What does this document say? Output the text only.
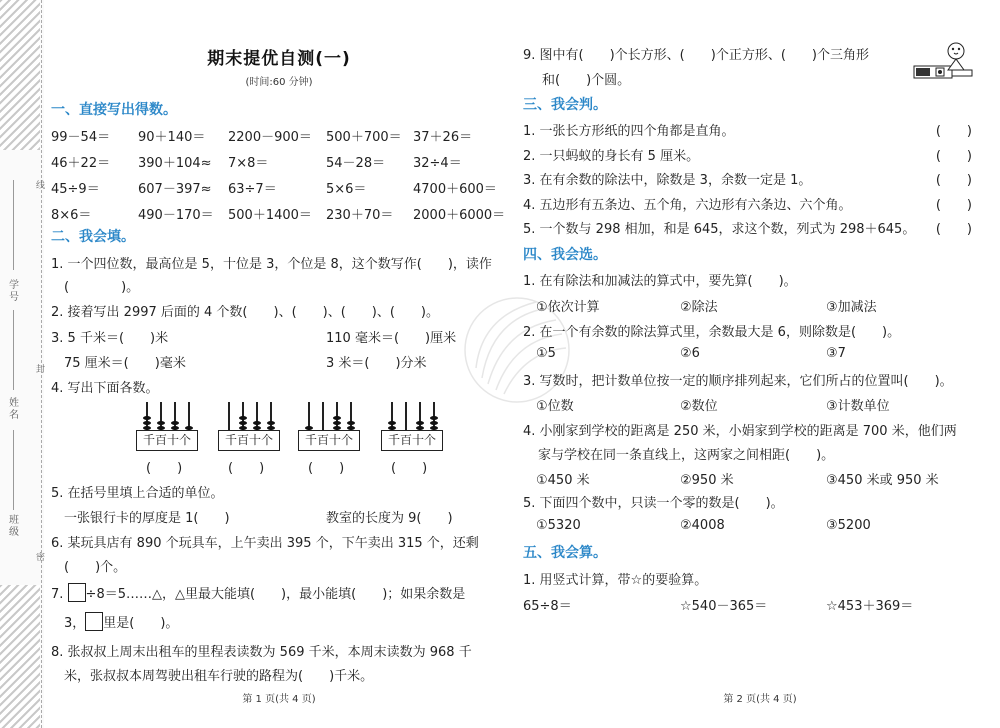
学号
姓名
班级
线
封
密
期末提优自测(一)
(时间:60 分钟)
一、直接写出得数。
99－54＝ 90＋140＝ 2200－900＝ 500＋700＝ 37＋26＝
46＋22＝ 390＋104≈ 7×8＝	54－28＝ 32÷4＝
45÷9＝	607－397≈ 63÷7＝	5×6＝	4700＋600＝
8×6＝	490－170＝ 500＋1400＝ 230＋70＝ 2000＋6000＝
二、我会填。
1. 一个四位数，最高位是 5，十位是 3，个位是 8，这个数写作(　　)，读作
(　　　　)。
2. 接着写出 2997 后面的 4 个数(　　)、(　　)、(　　)、(　　)。
3. 5 千米＝(　　)米	110 毫米＝(　　)厘米
75 厘米＝(　　)毫米	3 米＝(　　)分米
4. 写出下面各数。
千百十个
(　　)
千百十个
(　　)
千百十个
(　　)
千百十个
(　　)
5. 在括号里填上合适的单位。
一张银行卡的厚度是 1(　　)	教室的长度为 9(　　)
6. 某玩具店有 890 个玩具车，上午卖出 395 个，下午卖出 315 个，还剩
(　　)个。
7. ÷8＝5……△，△里最大能填(　　)，最小能填(　　)；如果余数是
3， 里是(　　)。
8. 张叔叔上周末出租车的里程表读数为 569 千米，本周末读数为 968 千
米，张叔叔本周驾驶出租车行驶的路程为(　　)千米。
第 1 页(共 4 页)
9. 图中有(　　)个长方形、(　　)个正方形、(　　)个三角形
和(　　)个圆。
三、我会判。
1. 一张长方形纸的四个角都是直角。	(　　)
2. 一只蚂蚁的身长有 5 厘米。	(　　)
3. 在有余数的除法中，除数是 3，余数一定是 1。	(　　)
4. 五边形有五条边、五个角，六边形有六条边、六个角。	(　　)
5. 一个数与 298 相加，和是 645，求这个数，列式为 298＋645。 (　　)
四、我会选。
1. 在有除法和加减法的算式中，要先算(　　)。
2. 在一个有余数的除法算式里，余数最大是 6，则除数是(　　)。
3. 写数时，把计数单位按一定的顺序排列起来，它们所占的位置叫(　　)。
4. 小刚家到学校的距离是 250 米，小娟家到学校的距离是 700 米，他们两
家与学校在同一条直线上，这两家之间相距(　　)。
5. 下面四个数中，只读一个零的数是(　　)。
①依次计算	②除法	③加减法
①5	②6	③7
①位数	②数位	③计数单位
①450 米	②950 米	③450 米或 950 米
①5320	②4008	③5200
五、我会算。
1. 用竖式计算，带☆的要验算。
65÷8＝	☆540－365＝	☆453＋369＝
第 2 页(共 4 页)
